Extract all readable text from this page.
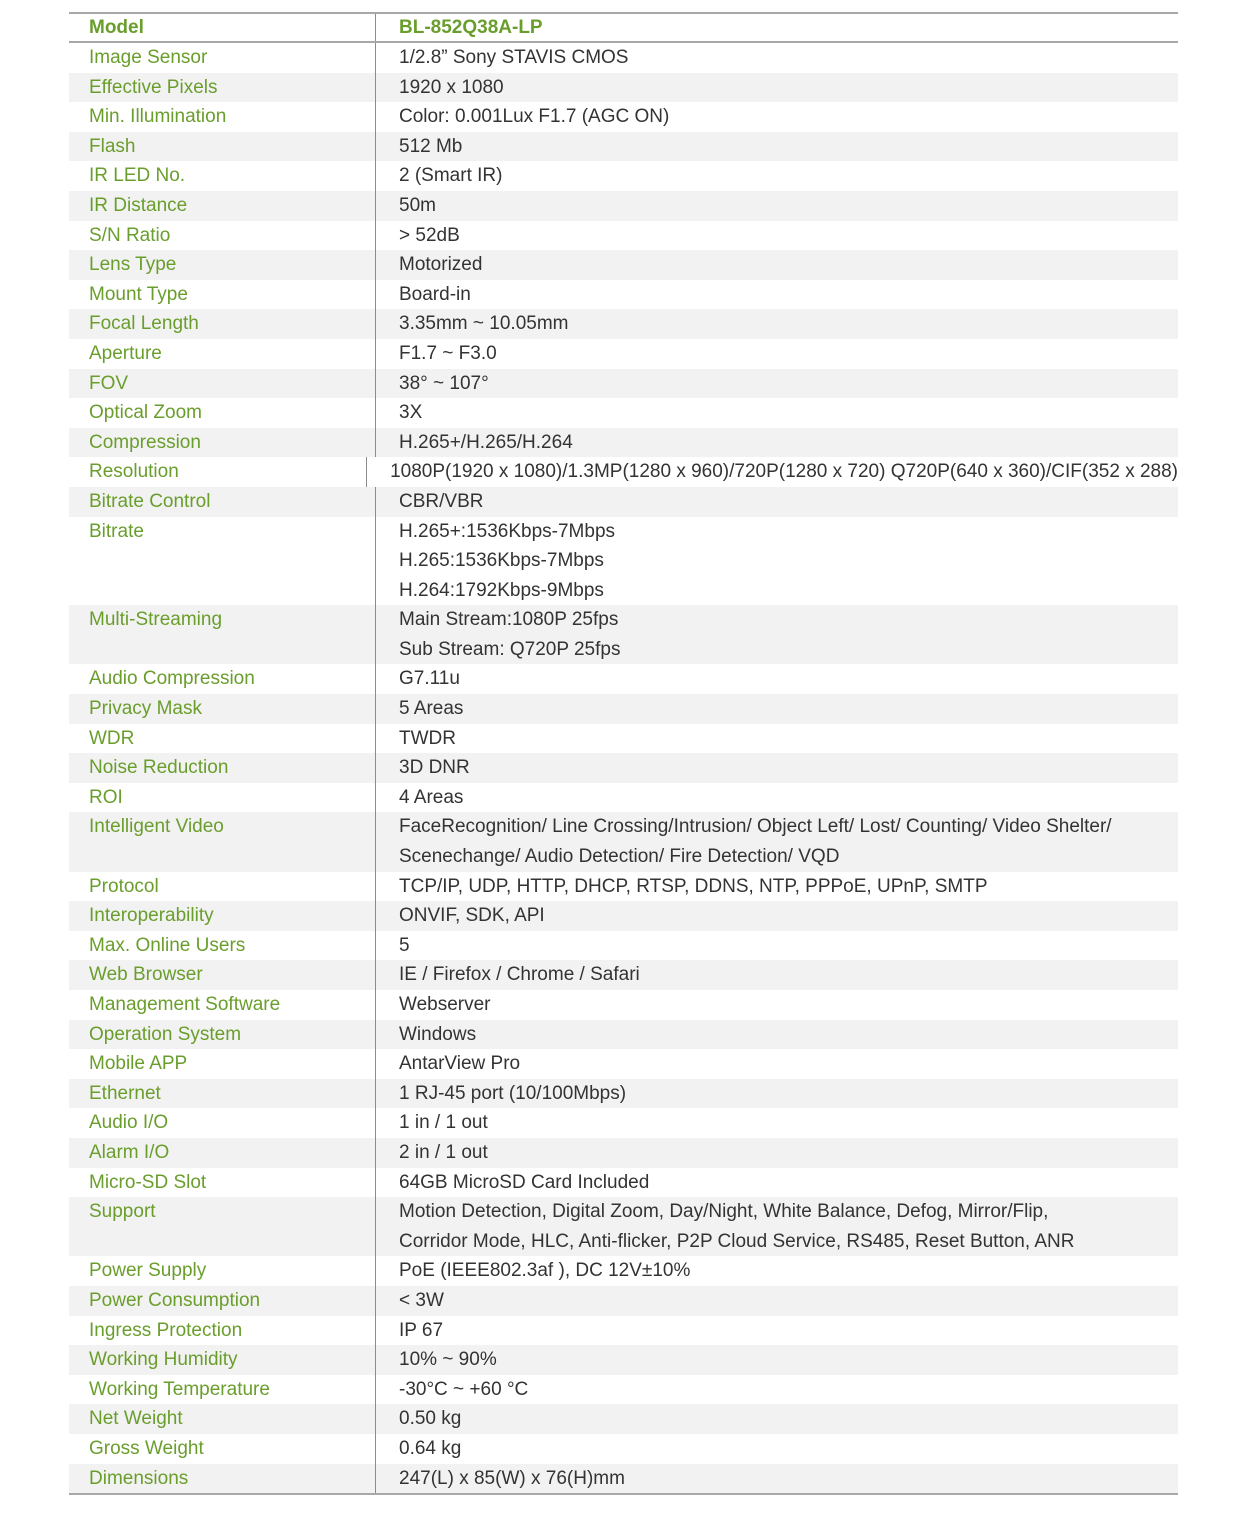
Model	BL-852Q38A-LP
Image Sensor	1/2.8” Sony STAVIS CMOS
Effective Pixels	1920 x 1080
Min. Illumination	Color: 0.001Lux F1.7 (AGC ON)
Flash	512 Mb
IR LED No.	2 (Smart IR)
IR Distance	50m
S/N Ratio	> 52dB
Lens Type	Motorized
Mount Type	Board-in
Focal Length	3.35mm ~ 10.05mm
Aperture	F1.7 ~ F3.0
FOV	38° ~ 107°
Optical Zoom	3X
Compression	H.265+/H.265/H.264
Resolution	1080P(1920 x 1080)/1.3MP(1280 x 960)/720P(1280 x 720) Q720P(640 x 360)/CIF(352 x 288)
Bitrate Control	CBR/VBR
Bitrate	H.265+:1536Kbps-7Mbps
H.265:1536Kbps-7Mbps
H.264:1792Kbps-9Mbps
Multi-Streaming	Main Stream:1080P 25fps
Sub Stream: Q720P 25fps
Audio Compression	G7.11u
Privacy Mask	5 Areas
WDR	TWDR
Noise Reduction	3D DNR
ROI	4 Areas
Intelligent Video	FaceRecognition/ Line Crossing/Intrusion/ Object Left/ Lost/ Counting/ Video Shelter/
Scenechange/ Audio Detection/ Fire Detection/ VQD
Protocol	TCP/IP, UDP, HTTP, DHCP, RTSP, DDNS, NTP, PPPoE, UPnP, SMTP
Interoperability	ONVIF, SDK, API
Max. Online Users	5
Web Browser	IE / Firefox / Chrome / Safari
Management Software	Webserver
Operation System	Windows
Mobile APP	AntarView Pro
Ethernet	1 RJ-45 port (10/100Mbps)
Audio I/O	1 in / 1 out
Alarm I/O	2 in / 1 out
Micro-SD Slot	64GB MicroSD Card Included
Support	Motion Detection, Digital Zoom, Day/Night, White Balance, Defog, Mirror/Flip,
Corridor Mode, HLC, Anti-flicker, P2P Cloud Service, RS485, Reset Button, ANR
Power Supply	PoE (IEEE802.3af ), DC 12V±10%
Power Consumption	< 3W
Ingress Protection	IP 67
Working Humidity	10% ~ 90%
Working Temperature	-30°C ~ +60 °C
Net Weight	0.50 kg
Gross Weight	0.64 kg
Dimensions	247(L) x 85(W) x 76(H)mm
